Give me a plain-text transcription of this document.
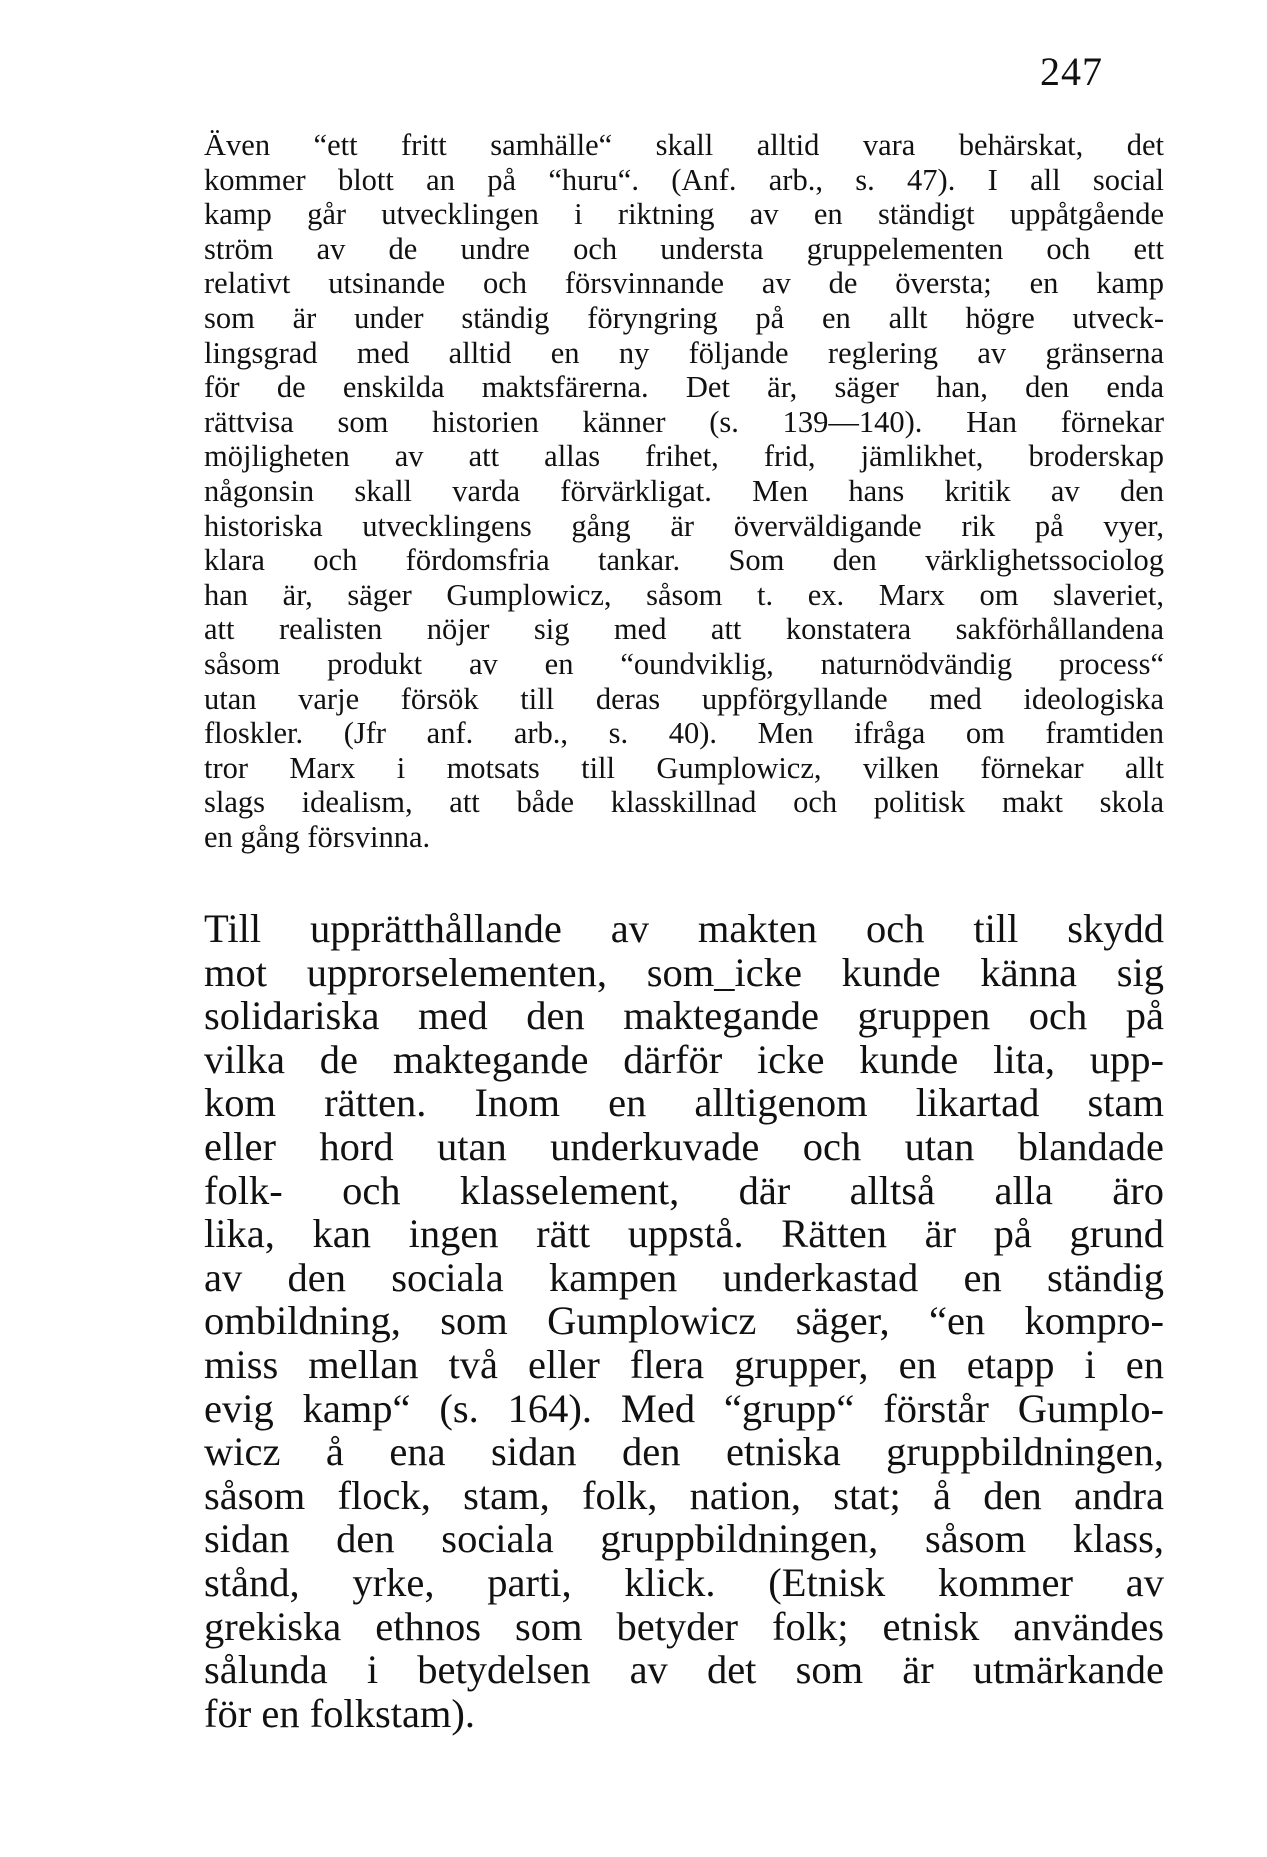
247
Även “ett fritt samhälle“ skall alltid vara behärskat, det
kommer blott an på “huru“. (Anf. arb., s. 47). I all social
kamp går utvecklingen i riktning av en ständigt uppåtgående
ström av de undre och understa gruppelementen och ett
relativt utsinande och försvinnande av de översta; en kamp
som är under ständig föryngring på en allt högre utveck-
lingsgrad med alltid en ny följande reglering av gränserna
för de enskilda maktsfärerna. Det är, säger han, den enda
rättvisa som historien känner (s. 139—140). Han förnekar
möjligheten av att allas frihet, frid, jämlikhet, broderskap
någonsin skall varda förvärkligat. Men hans kritik av den
historiska utvecklingens gång är överväldigande rik på vyer,
klara och fördomsfria tankar. Som den värklighetssociolog
han är, säger Gumplowicz, såsom t. ex. Marx om slaveriet,
att realisten nöjer sig med att konstatera sakförhållandena
såsom produkt av en “oundviklig, naturnödvändig process“
utan varje försök till deras uppförgyllande med ideologiska
floskler. (Jfr anf. arb., s. 40). Men ifråga om framtiden
tror Marx i motsats till Gumplowicz, vilken förnekar allt
slags idealism, att både klasskillnad och politisk makt skola
en gång försvinna.
Till upprätthållande av makten och till skydd
mot upprorselementen, som_icke kunde känna sig
solidariska med den maktegande gruppen och på
vilka de maktegande därför icke kunde lita, upp-
kom rätten. Inom en alltigenom likartad stam
eller hord utan underkuvade och utan blandade
folk- och klasselement, där alltså alla äro
lika, kan ingen rätt uppstå. Rätten är på grund
av den sociala kampen underkastad en ständig
ombildning, som Gumplowicz säger, “en kompro-
miss mellan två eller flera grupper, en etapp i en
evig kamp“ (s. 164). Med “grupp“ förstår Gumplo-
wicz å ena sidan den etniska gruppbildningen,
såsom flock, stam, folk, nation, stat; å den andra
sidan den sociala gruppbildningen, såsom klass,
stånd, yrke, parti, klick. (Etnisk kommer av
grekiska ethnos som betyder folk; etnisk användes
sålunda i betydelsen av det som är utmärkande
för en folkstam).
